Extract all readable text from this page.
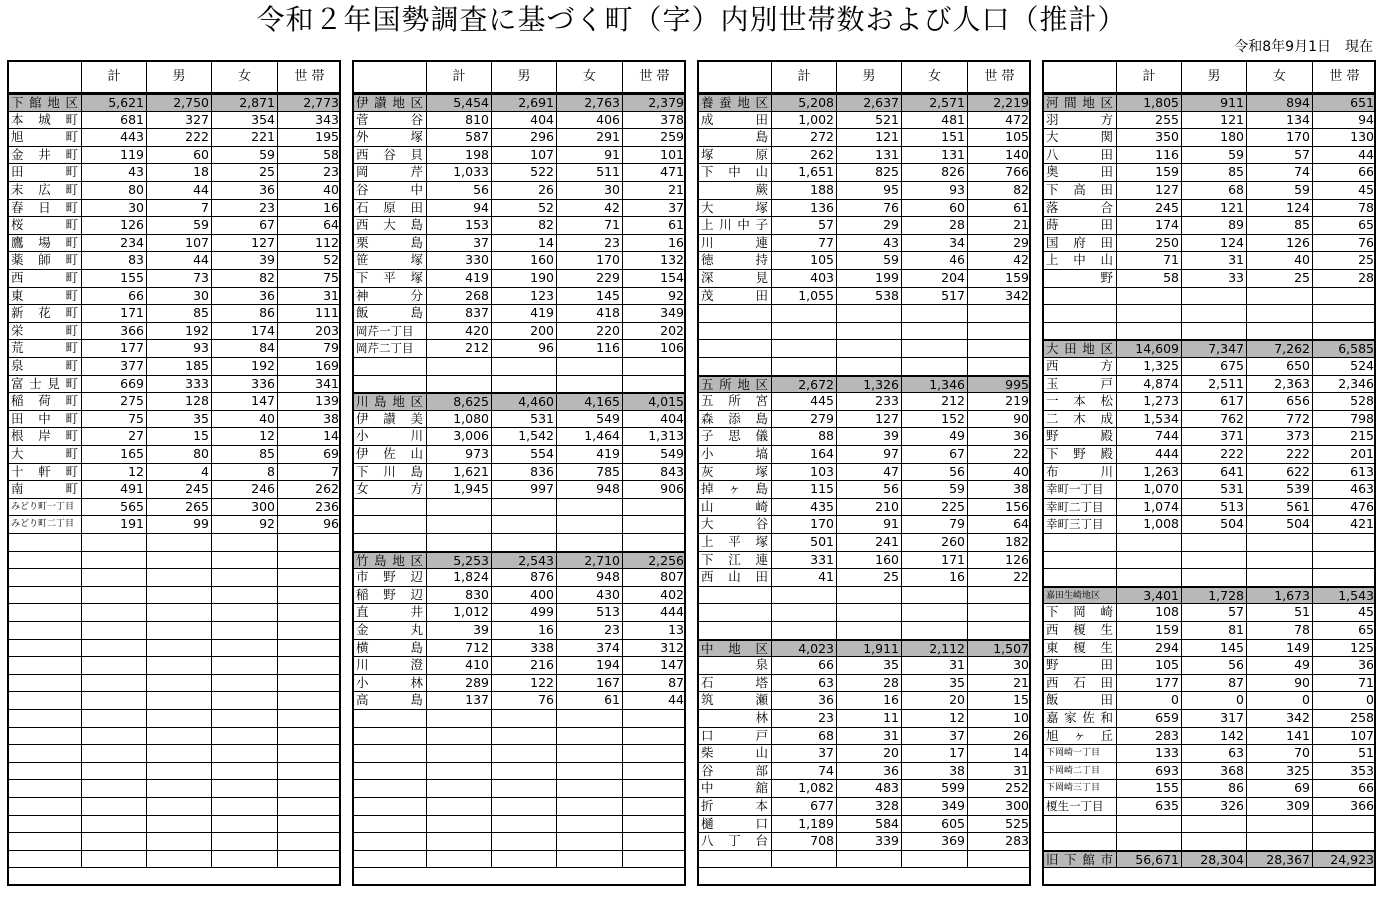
令和２年国勢調査に基づく町（字）内別世帯数および人口（推計）
令和8年9月1日　現在
計	男	女	世 帯
下館地区	5,621	2,750	2,871	2,773
本城町	681	327	354	343
旭　町	443	222	221	195
金井町	119	60	59	58
田　町	43	18	25	23
末広町	80	44	36	40
春日町	30	7	23	16
桜　町	126	59	67	64
鷹場町	234	107	127	112
薬師町	83	44	39	52
西　町	155	73	82	75
東　町	66	30	36	31
新花町	171	85	86	111
栄　町	366	192	174	203
荒　町	177	93	84	79
泉　町	377	185	192	169
富士見町	669	333	336	341
稲荷町	275	128	147	139
田中町	75	35	40	38
根岸町	27	15	12	14
大　町	165	80	85	69
十軒町	12	4	8	7
南　町	491	245	246	262
みどり町一丁目	565	265	300	236
みどり町二丁目	191	99	92	96
計	男	女	世 帯
伊讃地区	5,454	2,691	2,763	2,379
菅　谷	810	404	406	378
外　塚	587	296	291	259
西谷貝	198	107	91	101
岡　芹	1,033	522	511	471
谷　中	56	26	30	21
石原田	94	52	42	37
西大島	153	82	71	61
栗　島	37	14	23	16
笹　塚	330	160	170	132
下平塚	419	190	229	154
神　分	268	123	145	92
飯　島	837	419	418	349
岡芹一丁目	420	200	220	202
岡芹二丁目	212	96	116	106
川島地区	8,625	4,460	4,165	4,015
伊讃美	1,080	531	549	404
小　川	3,006	1,542	1,464	1,313
伊佐山	973	554	419	549
下川島	1,621	836	785	843
女　方	1,945	997	948	906
竹島地区	5,253	2,543	2,710	2,256
市野辺	1,824	876	948	807
稲野辺	830	400	430	402
直　井	1,012	499	513	444
金　丸	39	16	23	13
横　島	712	338	374	312
川　澄	410	216	194	147
小　林	289	122	167	87
高　島	137	76	61	44
計	男	女	世 帯
養蚕地区	5,208	2,637	2,571	2,219
成　田	1,002	521	481	472
　島　	272	121	151	105
塚　原	262	131	131	140
下中山	1,651	825	826	766
　蕨　	188	95	93	82
大　塚	136	76	60	61
上川中子	57	29	28	21
川　連	77	43	34	29
徳　持	105	59	46	42
深　見	403	199	204	159
茂　田	1,055	538	517	342
五所地区	2,672	1,326	1,346	995
五所宮	445	233	212	219
森添島	279	127	152	90
子思儀	88	39	49	36
小　塙	164	97	67	22
灰　塚	103	47	56	40
掉ヶ島	115	56	59	38
山　崎	435	210	225	156
大　谷	170	91	79	64
上平塚	501	241	260	182
下江連	331	160	171	126
西山田	41	25	16	22
中地区	4,023	1,911	2,112	1,507
　泉　	66	35	31	30
石　塔	63	28	35	21
筑　瀬	36	16	20	15
　林　	23	11	12	10
口　戸	68	31	37	26
柴　山	37	20	17	14
谷　部	74	36	38	31
中　舘	1,082	483	599	252
折　本	677	328	349	300
樋　口	1,189	584	605	525
八丁台	708	339	369	283
計	男	女	世 帯
河間地区	1,805	911	894	651
羽　方	255	121	134	94
大　関	350	180	170	130
八　田	116	59	57	44
奥　田	159	85	74	66
下高田	127	68	59	45
落　合	245	121	124	78
蒔　田	174	89	85	65
国府田	250	124	126	76
上中山	71	31	40	25
　野　	58	33	25	28
大田地区	14,609	7,347	7,262	6,585
西　方	1,325	675	650	524
玉　戸	4,874	2,511	2,363	2,346
一本松	1,273	617	656	528
二木成	1,534	762	772	798
野　殿	744	371	373	215
下野殿	444	222	222	201
布　川	1,263	641	622	613
幸町一丁目	1,070	531	539	463
幸町二丁目	1,074	513	561	476
幸町三丁目	1,008	504	504	421
嘉田生崎地区	3,401	1,728	1,673	1,543
下岡崎	108	57	51	45
西榎生	159	81	78	65
東榎生	294	145	149	125
野　田	105	56	49	36
西石田	177	87	90	71
飯　田	0	0	0	0
嘉家佐和	659	317	342	258
旭ヶ丘	283	142	141	107
下岡崎一丁目	133	63	70	51
下岡崎二丁目	693	368	325	353
下岡崎三丁目	155	86	69	66
榎生一丁目	635	326	309	366
旧下館市	56,671	28,304	28,367	24,923
